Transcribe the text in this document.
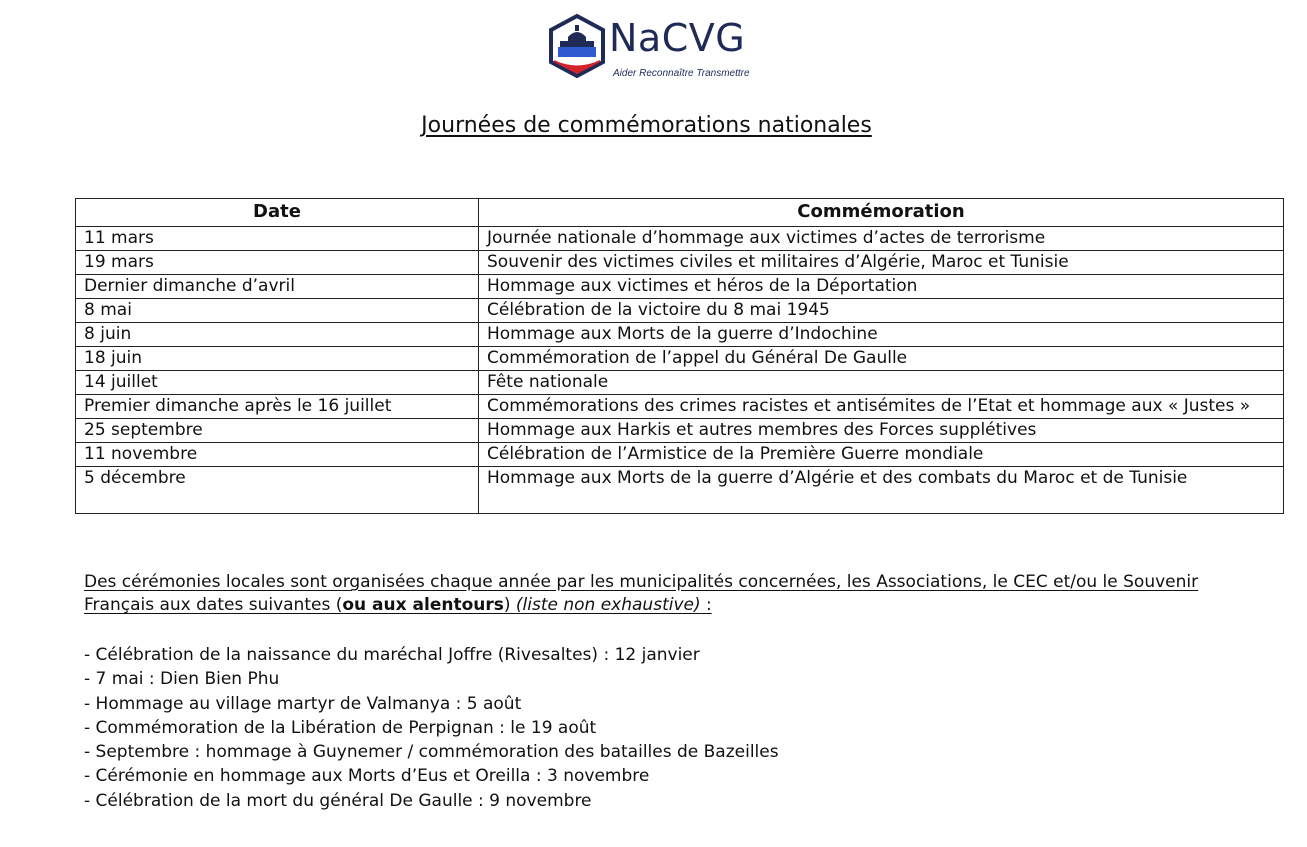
NaCVG
Aider Reconnaître Transmettre
Journées de commémorations nationales
Date	Commémoration
11 mars	Journée nationale d’hommage aux victimes d’actes de terrorisme
19 mars	Souvenir des victimes civiles et militaires d’Algérie, Maroc et Tunisie
Dernier dimanche d’avril	Hommage aux victimes et héros de la Déportation
8 mai	Célébration de la victoire du 8 mai 1945
8 juin	Hommage aux Morts de la guerre d’Indochine
18 juin	Commémoration de l’appel du Général De Gaulle
14 juillet	Fête nationale
Premier dimanche après le 16 juillet	Commémorations des crimes racistes et antisémites de l’Etat et hommage aux « Justes »
25 septembre	Hommage aux Harkis et autres membres des Forces supplétives
11 novembre	Célébration de l’Armistice de la Première Guerre mondiale
5 décembre	Hommage aux Morts de la guerre d’Algérie et des combats du Maroc et de Tunisie
Des cérémonies locales sont organisées chaque année par les municipalités concernées, les Associations, le CEC et/ou le Souvenir Français aux dates suivantes (ou aux alentours) (liste non exhaustive) :
- Célébration de la naissance du maréchal Joffre (Rivesaltes) : 12 janvier
- 7 mai : Dien Bien Phu
- Hommage au village martyr de Valmanya : 5 août
- Commémoration de la Libération de Perpignan : le 19 août
- Septembre : hommage à Guynemer / commémoration des batailles de Bazeilles
- Cérémonie en hommage aux Morts d’Eus et Oreilla : 3 novembre
- Célébration de la mort du général De Gaulle : 9 novembre
